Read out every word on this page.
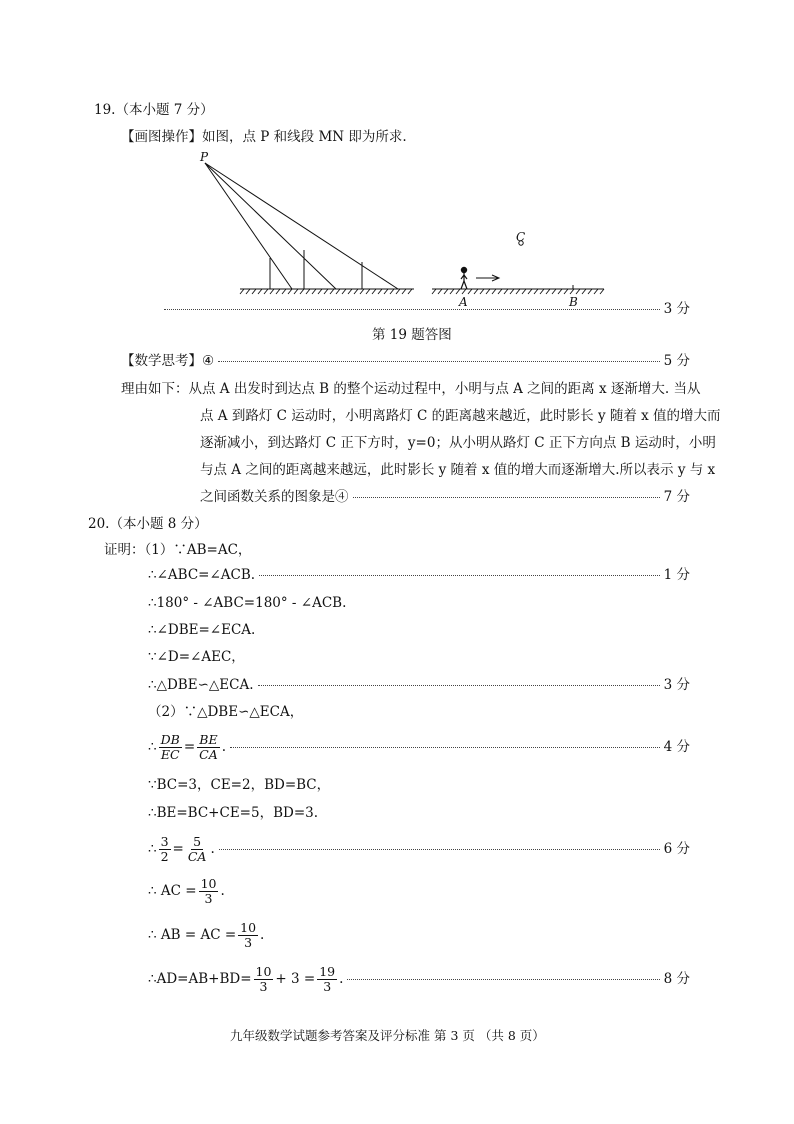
19.（本小题 7 分）
【画图操作】如图，点 P 和线段 MN 即为所求.
P
C
A	B	3 分
第 19 题答图
【数学思考】 ④	5 分
理由如下：从点 A 出发时到达点 B 的整个运动过程中，小明与点 A 之间的距离 x 逐渐增大. 当从
点 A 到路灯 C 运动时，小明离路灯 C 的距离越来越近，此时影长 y 随着 x 值的增大而
逐渐减小，到达路灯 C 正下方时，y=0；从小明从路灯 C 正下方向点 B 运动时，小明
与点 A 之间的距离越来越远，此时影长 y 随着 x 值的增大而逐渐增大.所以表示 y 与 x
之间函数关系的图象是④	7 分
20.（本小题 8 分）
证明：（1）∵AB=AC，
∴∠ABC=∠ACB.	1 分
∴180° - ∠ABC=180° - ∠ACB.
∴∠DBE=∠ECA.
∵∠D=∠AEC，
∴△DBE∽△ECA.	3 分
（2）∵△DBE∽△ECA，
∴ $\frac{DB}{EC} = \frac{BE}{CA}$ .	4 分
∵BC=3，CE=2，BD=BC，
∴BE=BC+CE=5，BD=3.
∴ $\frac{3}{2} = \frac{5}{CA}$ .	6 分
∴ AC = $\frac{10}{3}$ .
∴ AB = AC = $\frac{10}{3}$ .
∴AD=AB+BD= $\frac{10}{3} + 3 = \frac{19}{3}$ .	8 分
九年级数学试题参考答案及评分标准 第 3 页 （共 8 页）
